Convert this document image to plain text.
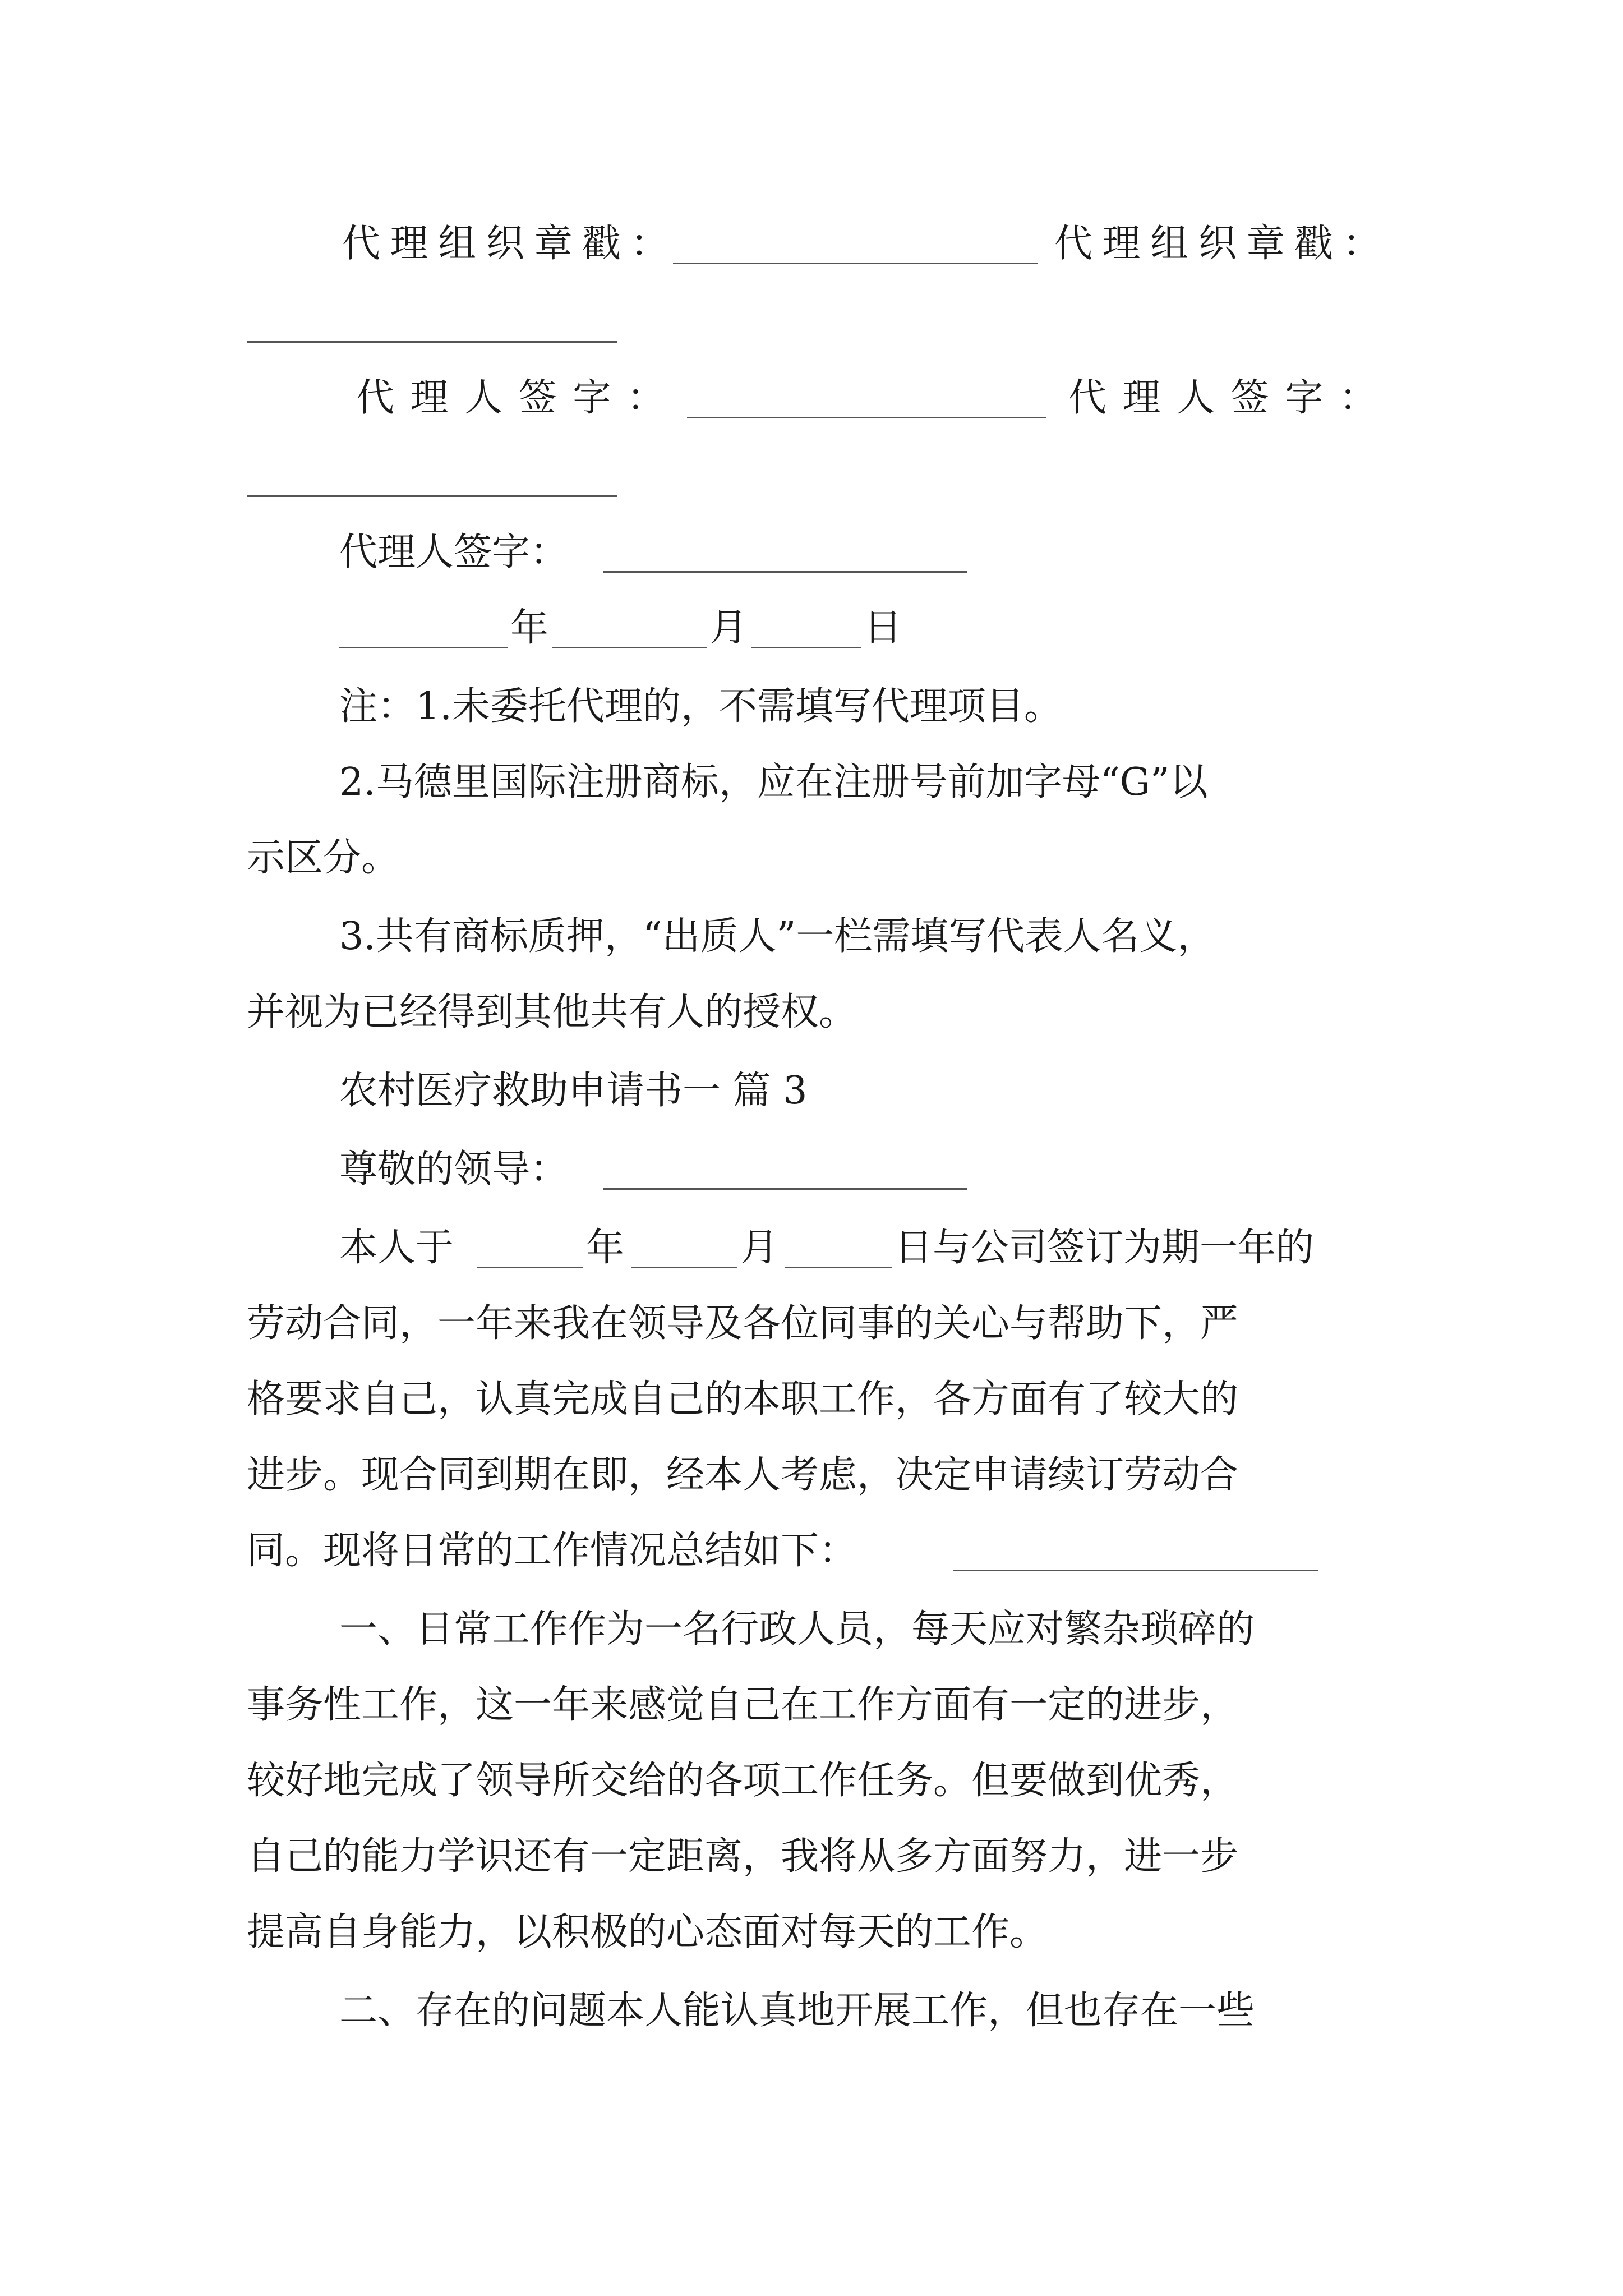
代理组织章戳：	代理组织章戳：
代理人签字：	代理人签字：
代理人签字：
年	月	日
注：1.未委托代理的，不需填写代理项目。
2.马德里国际注册商标，应在注册号前加字母“G”以
示区分。
3.共有商标质押，“出质人”一栏需填写代表人名义，
并视为已经得到其他共有人的授权。
农村医疗救助申请书一 篇 3
尊敬的领导：
本人于	年	月	日与公司签订为期一年的
劳动合同，一年来我在领导及各位同事的关心与帮助下，严
格要求自己，认真完成自己的本职工作，各方面有了较大的
进步。现合同到期在即，经本人考虑，决定申请续订劳动合
同。现将日常的工作情况总结如下：
一、日常工作作为一名行政人员，每天应对繁杂琐碎的
事务性工作，这一年来感觉自己在工作方面有一定的进步，
较好地完成了领导所交给的各项工作任务。但要做到优秀，
自己的能力学识还有一定距离，我将从多方面努力，进一步
提高自身能力，以积极的心态面对每天的工作。
二、存在的问题本人能认真地开展工作，但也存在一些
